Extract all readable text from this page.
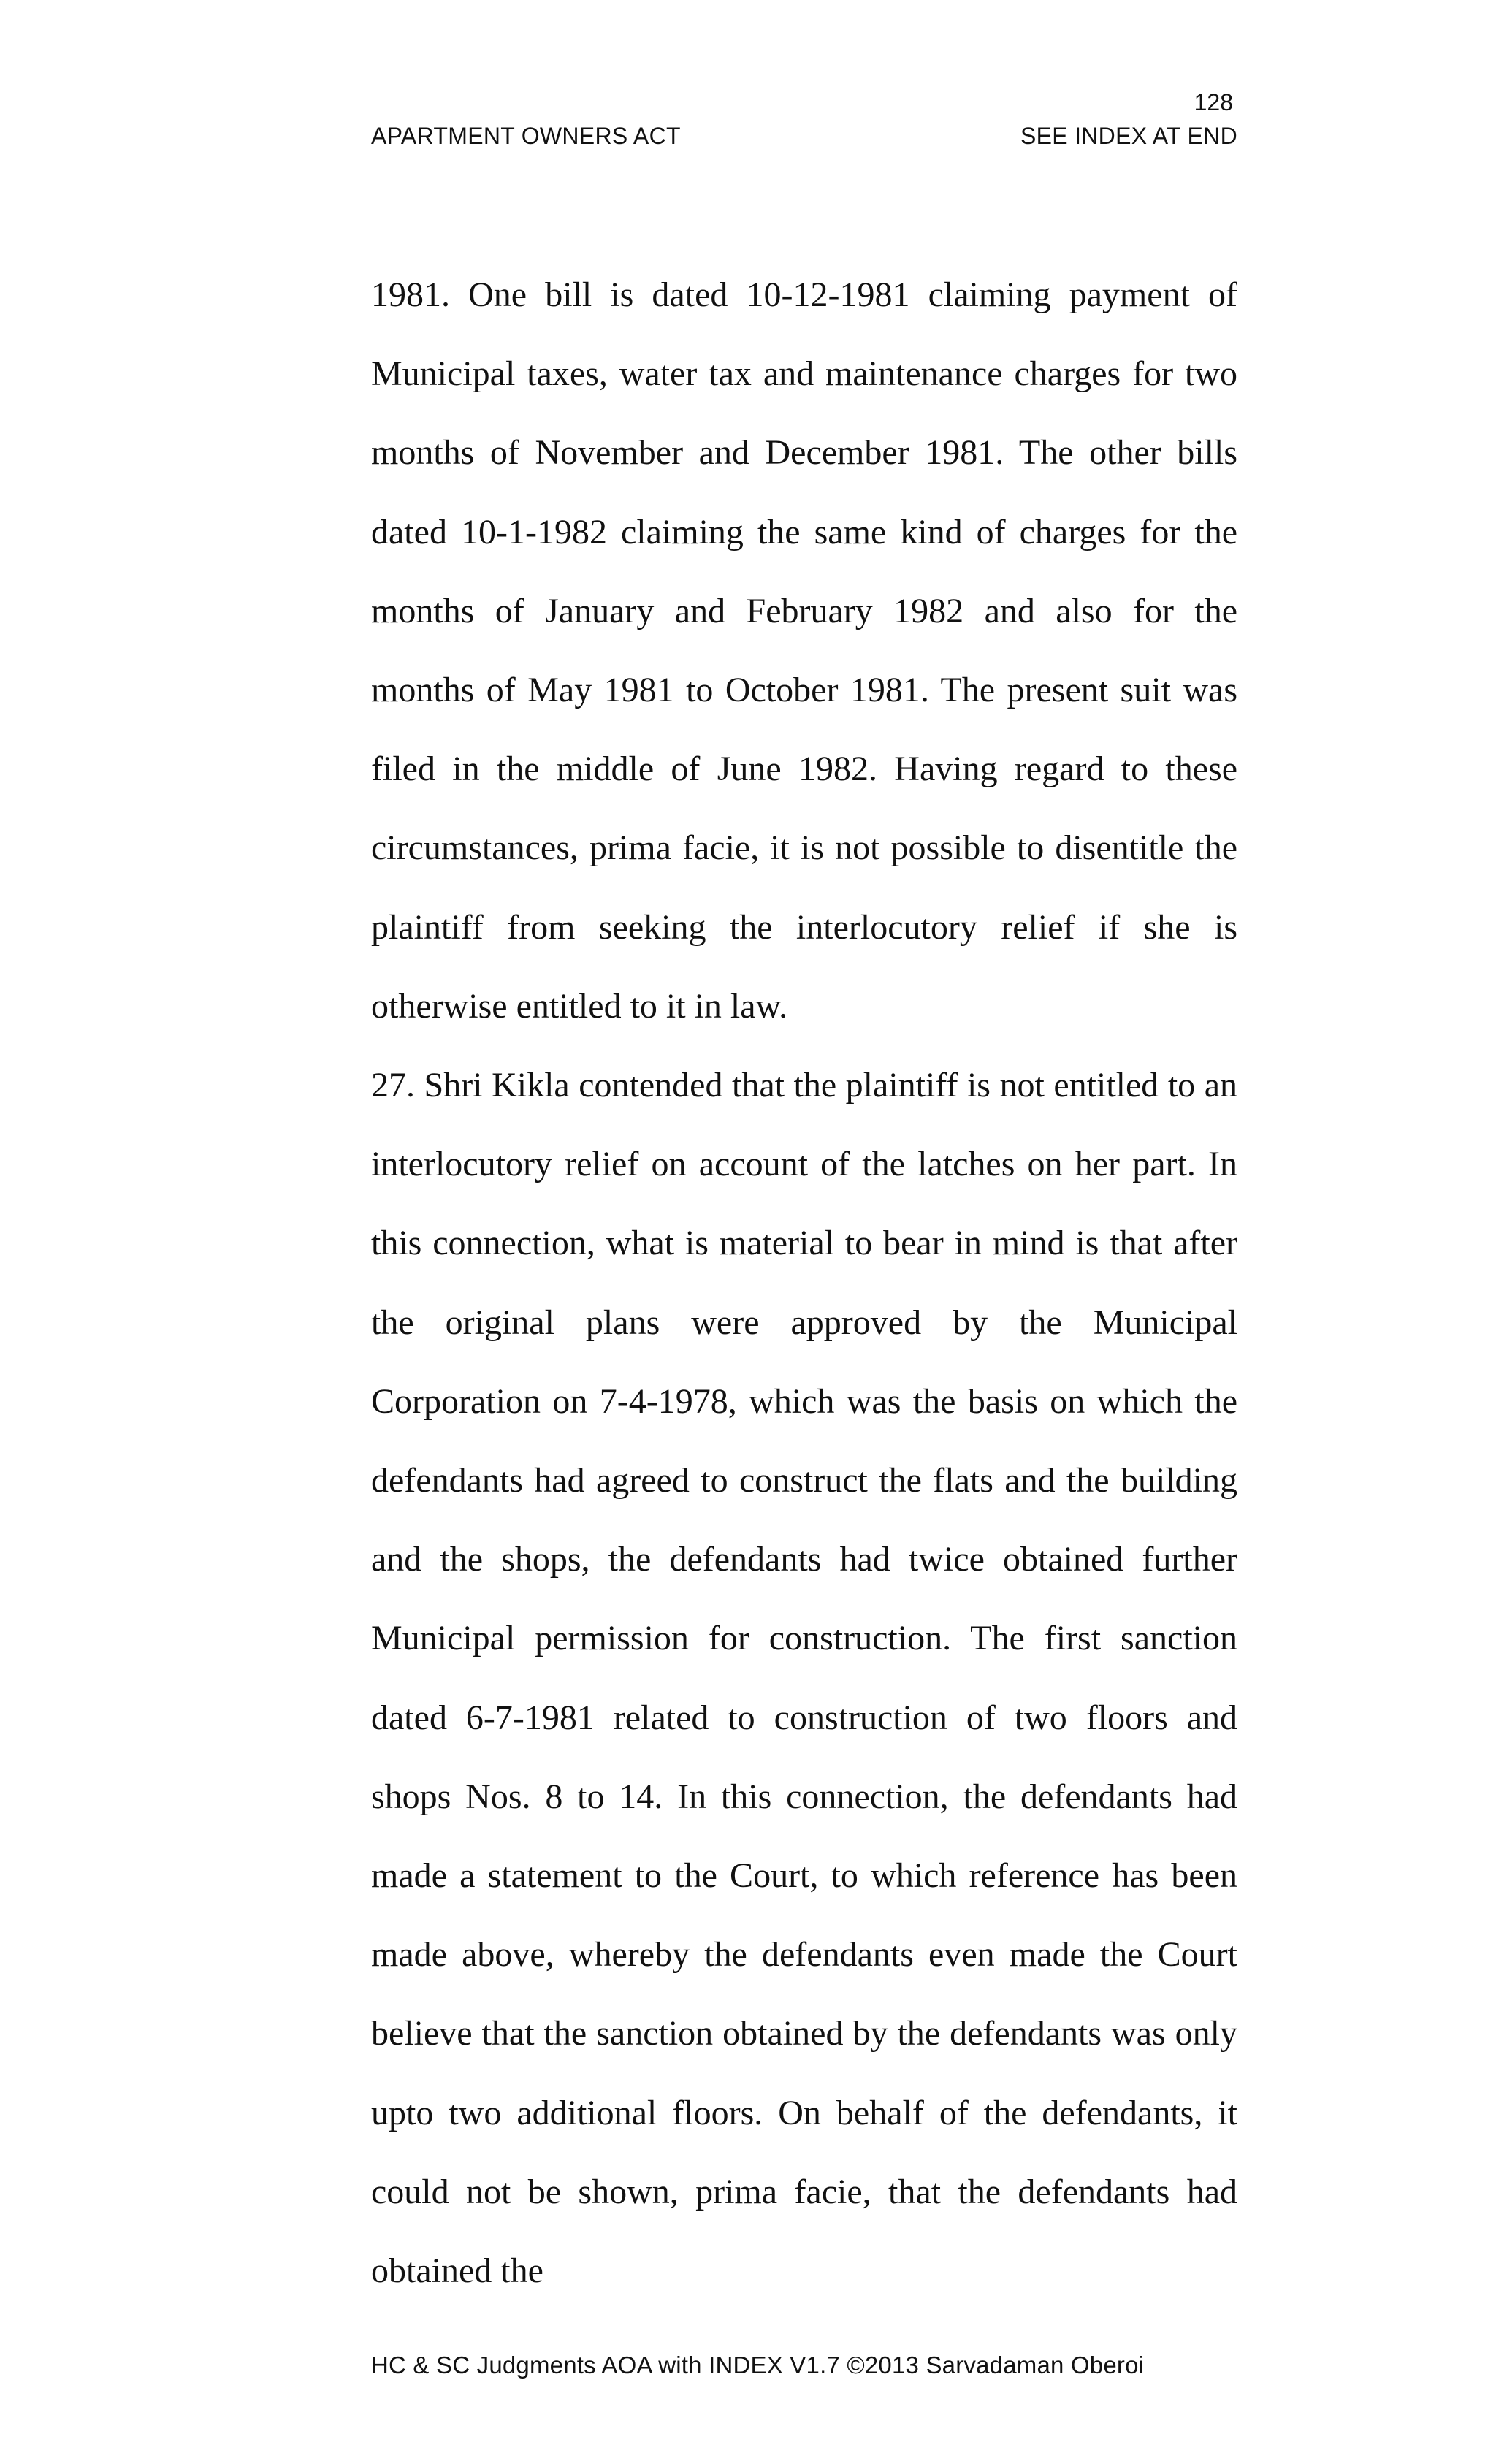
128
APARTMENT OWNERS ACT	SEE INDEX AT END

1981. One bill is dated 10-12-1981 claiming payment of Municipal taxes, water tax and maintenance charges for two months of November and December 1981. The other bills dated 10-1-1982 claiming the same kind of charges for the months of January and February 1982 and also for the months of May 1981 to October 1981. The present suit was filed in the middle of June 1982. Having regard to these circumstances, prima facie, it is not possible to disentitle the plaintiff from seeking the interlocutory relief if she is otherwise entitled to it in law.

27. Shri Kikla contended that the plaintiff is not entitled to an interlocutory relief on account of the latches on her part. In this connection, what is material to bear in mind is that after the original plans were approved by the Municipal Corporation on 7-4-1978, which was the basis on which the defendants had agreed to construct the flats and the building and the shops, the defendants had twice obtained further Municipal permission for construction. The first sanction dated 6-7-1981 related to construction of two floors and shops Nos. 8 to 14. In this connection, the defendants had made a statement to the Court, to which reference has been made above, whereby the defendants even made the Court believe that the sanction obtained by the defendants was only upto two additional floors. On behalf of the defendants, it could not be shown, prima facie, that the defendants had obtained the

HC & SC Judgments AOA with INDEX V1.7 ©2013 Sarvadaman Oberoi
